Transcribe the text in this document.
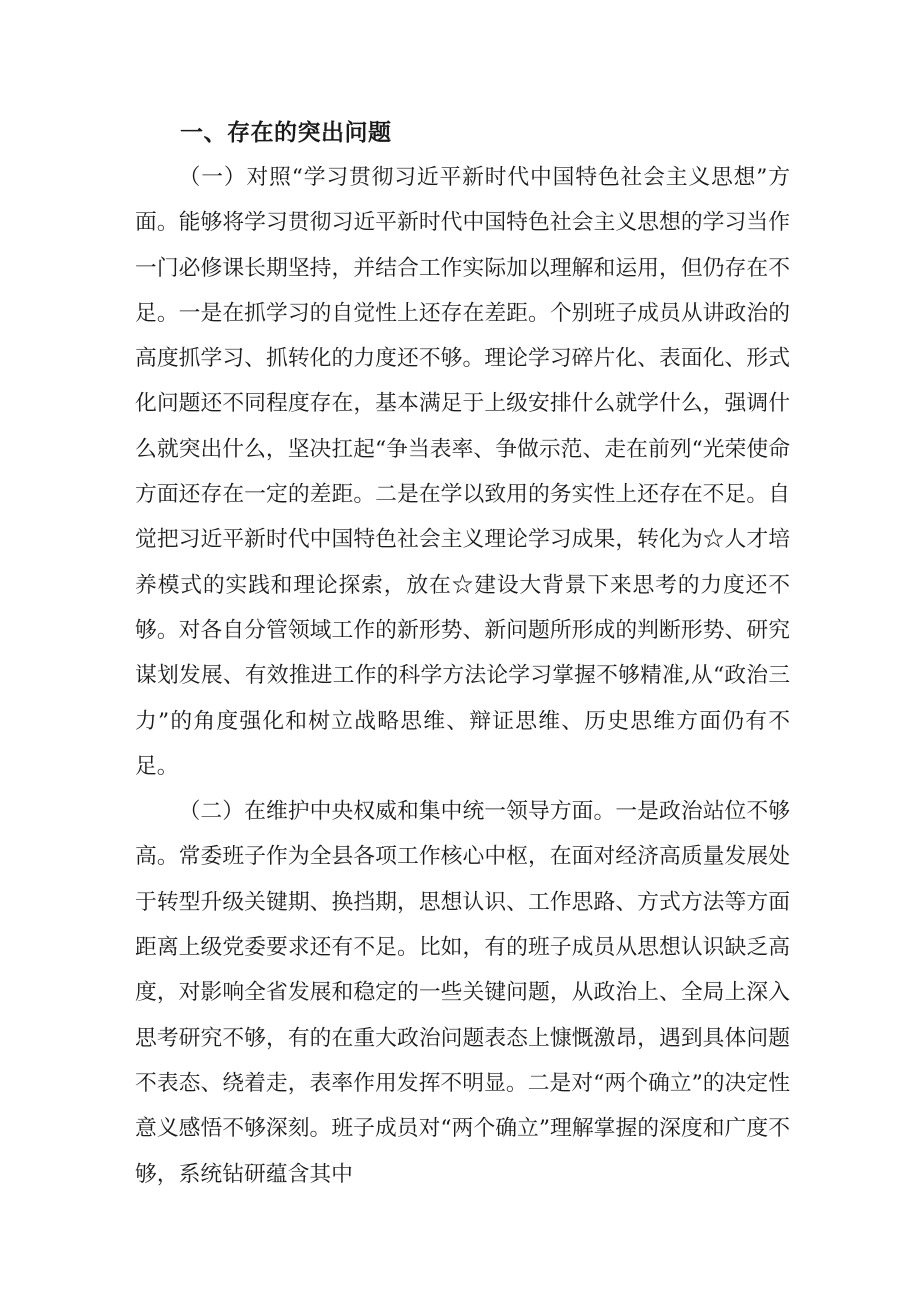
一、存在的突出问题

（一）对照“学习贯彻习近平新时代中国特色社会主义思想”方面。能够将学习贯彻习近平新时代中国特色社会主义思想的学习当作一门必修课长期坚持，并结合工作实际加以理解和运用，但仍存在不足。一是在抓学习的自觉性上还存在差距。个别班子成员从讲政治的高度抓学习、抓转化的力度还不够。理论学习碎片化、表面化、形式化问题还不同程度存在，基本满足于上级安排什么就学什么，强调什么就突出什么，坚决扛起“争当表率、争做示范、走在前列“光荣使命方面还存在一定的差距。二是在学以致用的务实性上还存在不足。自觉把习近平新时代中国特色社会主义理论学习成果，转化为☆人才培养模式的实践和理论探索，放在☆建设大背景下来思考的力度还不够。对各自分管领域工作的新形势、新问题所形成的判断形势、研究谋划发展、有效推进工作的科学方法论学习掌握不够精准,从“政治三力”的角度强化和树立战略思维、辩证思维、历史思维方面仍有不足。

（二）在维护中央权威和集中统一领导方面。一是政治站位不够高。常委班子作为全县各项工作核心中枢，在面对经济高质量发展处于转型升级关键期、换挡期，思想认识、工作思路、方式方法等方面距离上级党委要求还有不足。比如，有的班子成员从思想认识缺乏高度，对影响全省发展和稳定的一些关键问题，从政治上、全局上深入思考研究不够，有的在重大政治问题表态上慷慨激昂，遇到具体问题不表态、绕着走，表率作用发挥不明显。二是对“两个确立”的决定性意义感悟不够深刻。班子成员对“两个确立”理解掌握的深度和广度不够，系统钻研蕴含其中
